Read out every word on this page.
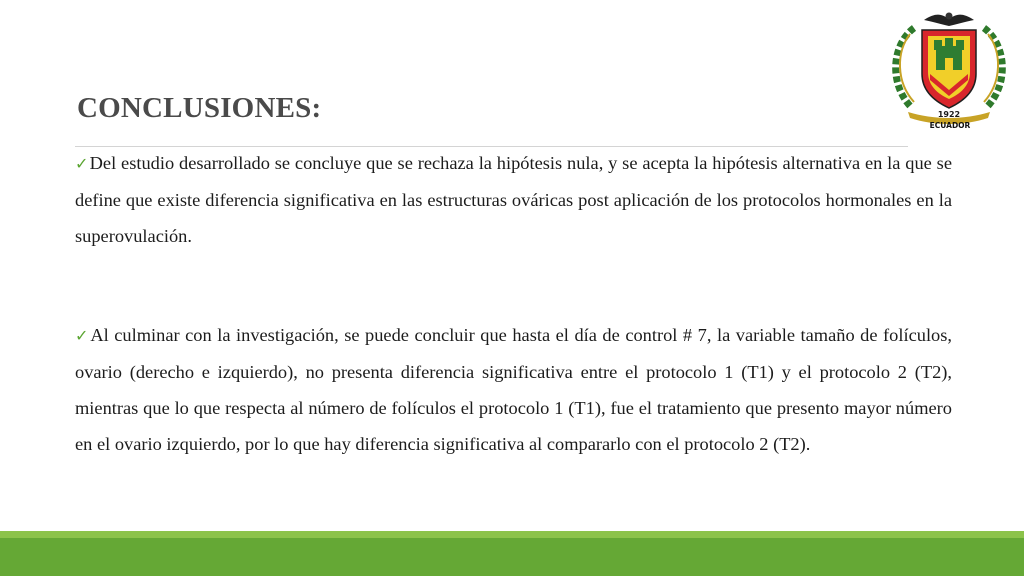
CONCLUSIONES:

✓Del estudio desarrollado se concluye que se rechaza la hipótesis nula, y se acepta la hipótesis alternativa en la que se define que existe diferencia significativa en las estructuras ováricas post aplicación de los protocolos hormonales en la superovulación.

✓Al culminar con la investigación, se puede concluir que hasta el día de control # 7, la variable tamaño de folículos, ovario (derecho e izquierdo), no presenta diferencia significativa entre el protocolo 1 (T1) y el protocolo 2 (T2), mientras que lo que respecta al número de folículos el protocolo 1 (T1), fue el tratamiento que presento mayor número en el ovario izquierdo, por lo que hay diferencia significativa al compararlo con el protocolo 2 (T2).

1922

ECUADOR
